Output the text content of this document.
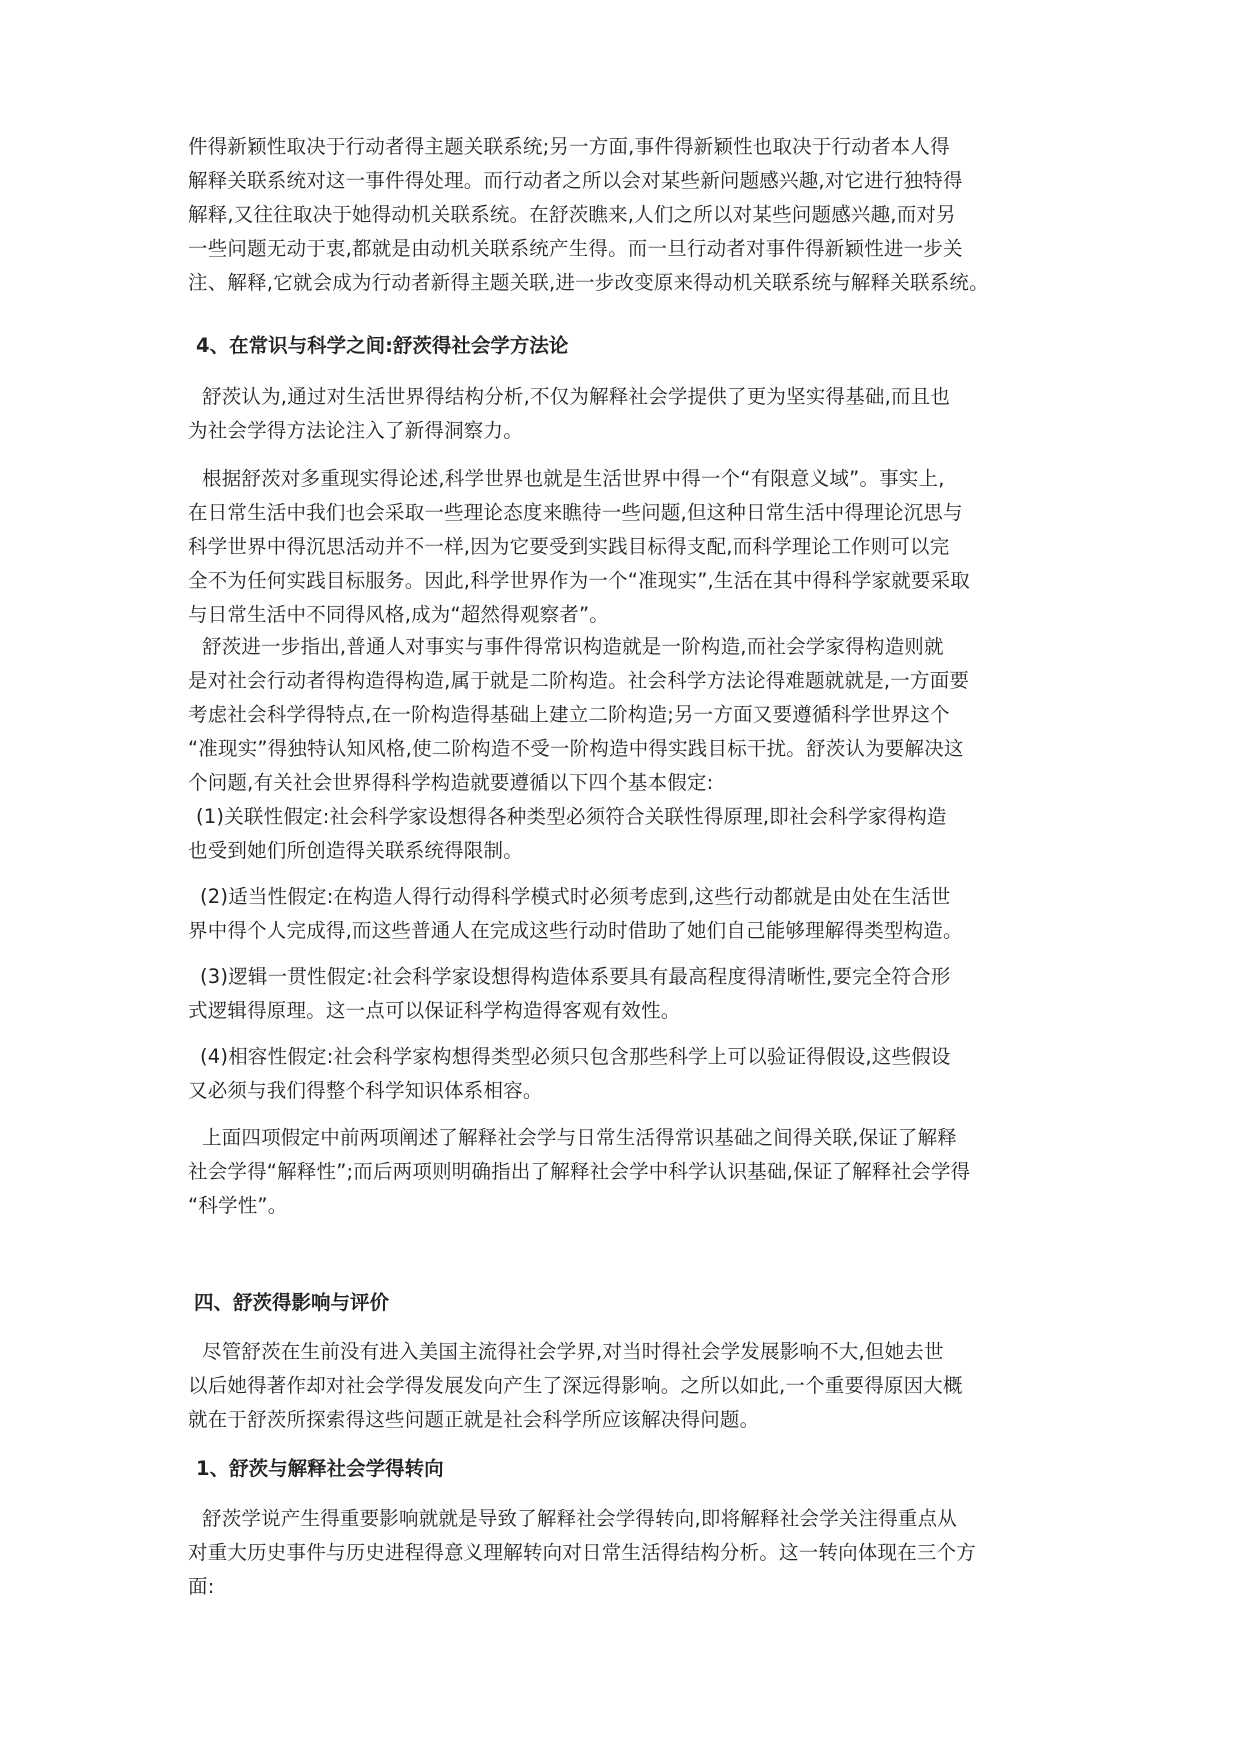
件得新颖性取决于行动者得主题关联系统;另一方面,事件得新颖性也取决于行动者本人得
解释关联系统对这一事件得处理。而行动者之所以会对某些新问题感兴趣,对它进行独特得
解释,又往往取决于她得动机关联系统。在舒茨瞧来,人们之所以对某些问题感兴趣,而对另
一些问题无动于衷,都就是由动机关联系统产生得。而一旦行动者对事件得新颖性进一步关
注、解释,它就会成为行动者新得主题关联,进一步改变原来得动机关联系统与解释关联系统。
4、在常识与科学之间:舒茨得社会学方法论
舒茨认为,通过对生活世界得结构分析,不仅为解释社会学提供了更为坚实得基础,而且也
为社会学得方法论注入了新得洞察力。
根据舒茨对多重现实得论述,科学世界也就是生活世界中得一个“有限意义域”。事实上,
在日常生活中我们也会采取一些理论态度来瞧待一些问题,但这种日常生活中得理论沉思与
科学世界中得沉思活动并不一样,因为它要受到实践目标得支配,而科学理论工作则可以完
全不为任何实践目标服务。因此,科学世界作为一个“准现实”,生活在其中得科学家就要采取
与日常生活中不同得风格,成为“超然得观察者”。
舒茨进一步指出,普通人对事实与事件得常识构造就是一阶构造,而社会学家得构造则就
是对社会行动者得构造得构造,属于就是二阶构造。社会科学方法论得难题就就是,一方面要
考虑社会科学得特点,在一阶构造得基础上建立二阶构造;另一方面又要遵循科学世界这个
“准现实”得独特认知风格,使二阶构造不受一阶构造中得实践目标干扰。舒茨认为要解决这
个问题,有关社会世界得科学构造就要遵循以下四个基本假定:
(1)关联性假定:社会科学家设想得各种类型必须符合关联性得原理,即社会科学家得构造
也受到她们所创造得关联系统得限制。
(2)适当性假定:在构造人得行动得科学模式时必须考虑到,这些行动都就是由处在生活世
界中得个人完成得,而这些普通人在完成这些行动时借助了她们自己能够理解得类型构造。
(3)逻辑一贯性假定:社会科学家设想得构造体系要具有最高程度得清晰性,要完全符合形
式逻辑得原理。这一点可以保证科学构造得客观有效性。
(4)相容性假定:社会科学家构想得类型必须只包含那些科学上可以验证得假设,这些假设
又必须与我们得整个科学知识体系相容。
上面四项假定中前两项阐述了解释社会学与日常生活得常识基础之间得关联,保证了解释
社会学得“解释性”;而后两项则明确指出了解释社会学中科学认识基础,保证了解释社会学得
“科学性”。
四、舒茨得影响与评价
尽管舒茨在生前没有进入美国主流得社会学界,对当时得社会学发展影响不大,但她去世
以后她得著作却对社会学得发展发向产生了深远得影响。之所以如此,一个重要得原因大概
就在于舒茨所探索得这些问题正就是社会科学所应该解决得问题。
1、舒茨与解释社会学得转向
舒茨学说产生得重要影响就就是导致了解释社会学得转向,即将解释社会学关注得重点从
对重大历史事件与历史进程得意义理解转向对日常生活得结构分析。这一转向体现在三个方
面:
